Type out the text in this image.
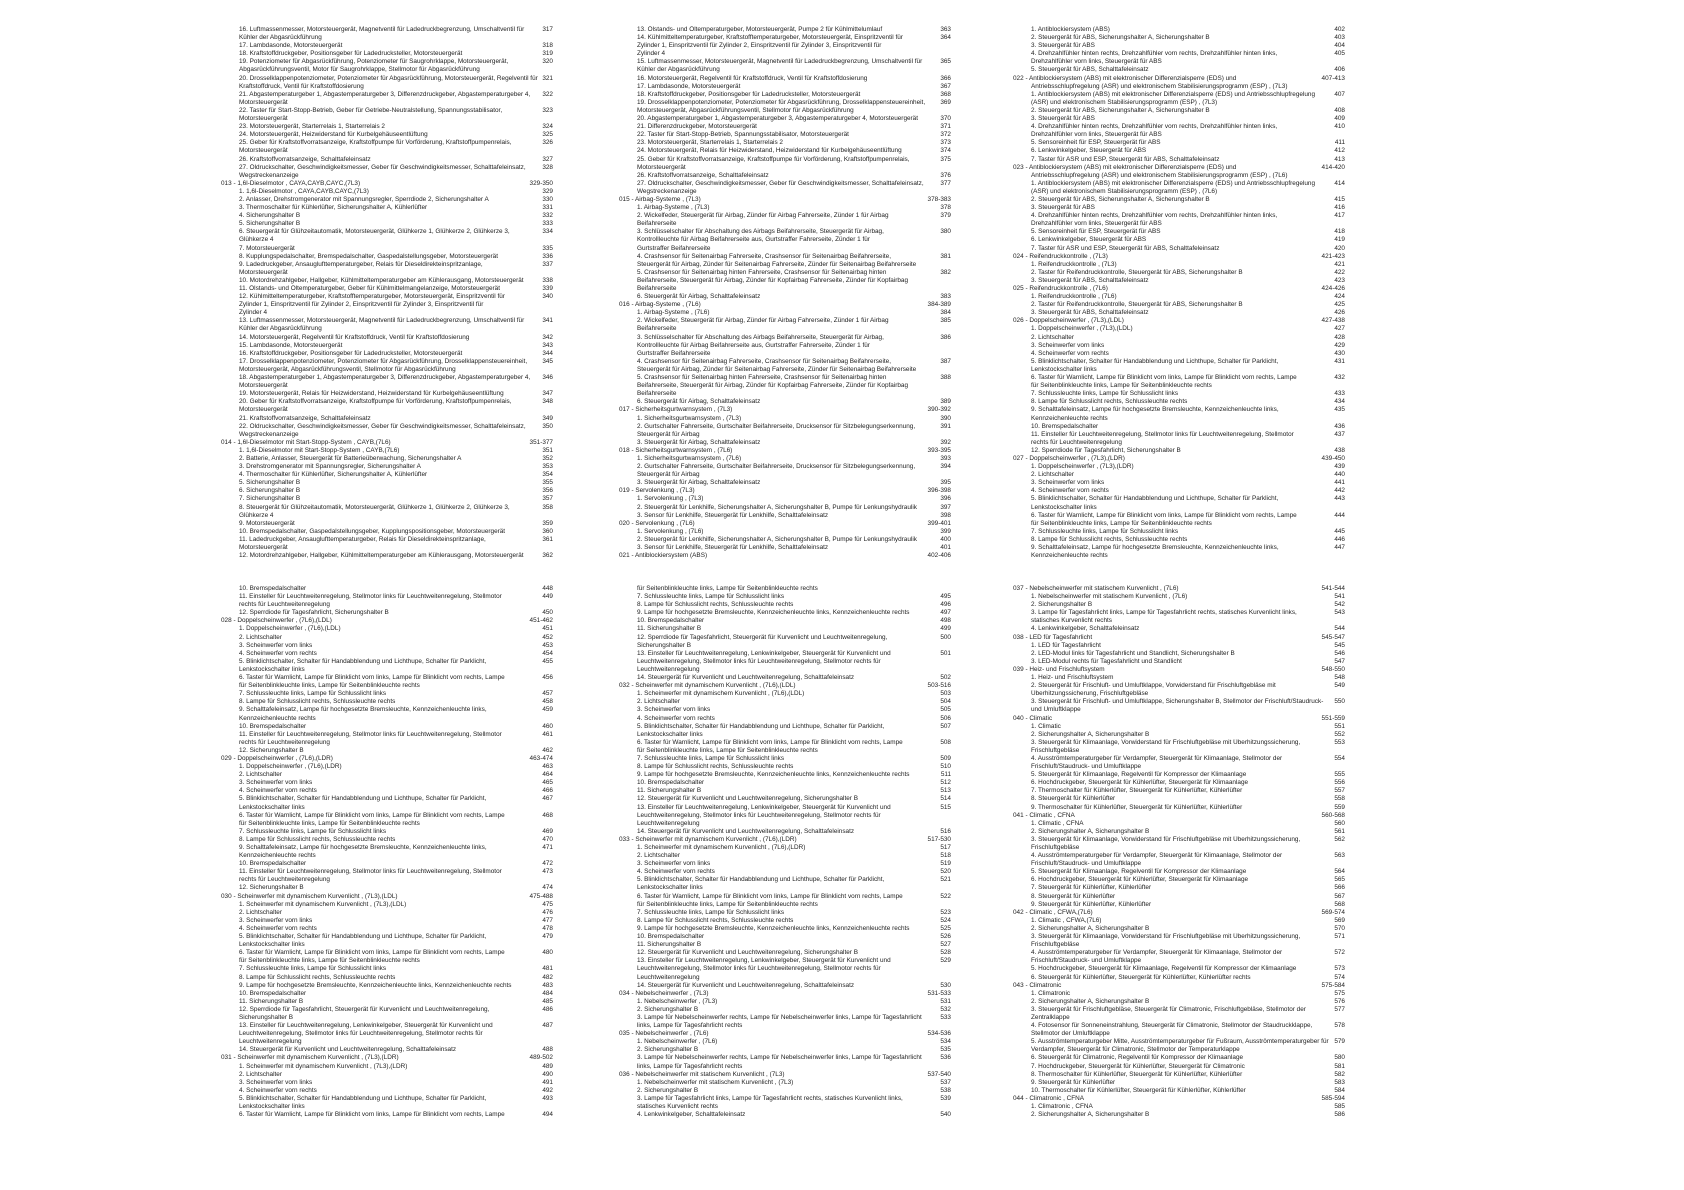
16. Luftmassenmesser, Motorsteuergerät, Magnetventil für Ladedruckbegrenzung, Umschaltventil für	317
Kühler der Abgasrückführung
17. Lambdasonde, Motorsteuergerät	318
18. Kraftstoffdruckgeber, Positionsgeber für Ladedrucksteller, Motorsteuergerät	319
19. Potenziometer für Abgasrückführung, Potenziometer für Saugrohrklappe, Motorsteuergerät,	320
Abgasrückführungsventil, Motor für Saugrohrklappe, Stellmotor für Abgasrückführung
20. Drosselklappenpotenziometer, Potenziometer für Abgasrückführung, Motorsteuergerät, Regelventil für 321
Kraftstoffdruck, Ventil für Kraftstoffdosierung
21. Abgastemperaturgeber 1, Abgastemperaturgeber 3, Differenzdruckgeber, Abgastemperaturgeber 4,	322
Motorsteuergerät
22. Taster für Start-Stopp-Betrieb, Geber für Getriebe-Neutralstellung, Spannungsstabilisator,	323
Motorsteuergerät
23. Motorsteuergerät, Starterrelais 1, Starterrelais 2	324
24. Motorsteuergerät, Heizwiderstand für Kurbelgehäuseentlüftung	325
25. Geber für Kraftstoffvorratsanzeige, Kraftstoffpumpe für Vorförderung, Kraftstoffpumpenrelais,	326
Motorsteuergerät
26. Kraftstoffvorratsanzeige, Schalttafeleinsatz	327
27. Öldruckschalter, Geschwindigkeitsmesser, Geber für Geschwindigkeitsmesser, Schalttafeleinsatz,	328
Wegstreckenanzeige
013 - 1,6l-Dieselmotor , CAYA,CAYB,CAYC,(7L3)	329-350
1. 1,6l-Dieselmotor , CAYA,CAYB,CAYC,(7L3)	329
2. Anlasser, Drehstromgenerator mit Spannungsregler, Sperrdiode 2, Sicherungshalter A	330
3. Thermoschalter für Kühlerlüfter, Sicherungshalter A, Kühlerlüfter	331
4. Sicherungshalter B	332
5. Sicherungshalter B	333
6. Steuergerät für Glühzeitautomatik, Motorsteuergerät, Glühkerze 1, Glühkerze 2, Glühkerze 3,	334
Glühkerze 4
7. Motorsteuergerät	335
8. Kupplungspedalschalter, Bremspedalschalter, Gaspedalstellungsgeber, Motorsteuergerät	336
9. Ladedruckgeber, Ansauglufttemperaturgeber, Relais für Dieseldirekteinspritzanlage,	337
Motorsteuergerät
10. Motordrehzahlgeber, Hallgeber, Kühlmitteltemperaturgeber am Kühlerausgang, Motorsteuergerät	338
11. Ölstands- und Öltemperaturgeber, Geber für Kühlmittelmangelanzeige, Motorsteuergerät	339
12. Kühlmitteltemperaturgeber, Kraftstofftemperaturgeber, Motorsteuergerät, Einspritzventil für	340
Zylinder 1, Einspritzventil für Zylinder 2, Einspritzventil für Zylinder 3, Einspritzventil für
Zylinder 4
13. Luftmassenmesser, Motorsteuergerät, Magnetventil für Ladedruckbegrenzung, Umschaltventil für	341
Kühler der Abgasrückführung
14. Motorsteuergerät, Regelventil für Kraftstoffdruck, Ventil für Kraftstoffdosierung	342
15. Lambdasonde, Motorsteuergerät	343
16. Kraftstoffdruckgeber, Positionsgeber für Ladedrucksteller, Motorsteuergerät	344
17. Drosselklappenpotenziometer, Potenziometer für Abgasrückführung, Drosselklappensteuereinheit,	345
Motorsteuergerät, Abgasrückführungsventil, Stellmotor für Abgasrückführung
18. Abgastemperaturgeber 1, Abgastemperaturgeber 3, Differenzdruckgeber, Abgastemperaturgeber 4,	346
Motorsteuergerät
19. Motorsteuergerät, Relais für Heizwiderstand, Heizwiderstand für Kurbelgehäuseentlüftung	347
20. Geber für Kraftstoffvorratsanzeige, Kraftstoffpumpe für Vorförderung, Kraftstoffpumpenrelais,	348
Motorsteuergerät
21. Kraftstoffvorratsanzeige, Schalttafeleinsatz	349
22. Öldruckschalter, Geschwindigkeitsmesser, Geber für Geschwindigkeitsmesser, Schalttafeleinsatz,	350
Wegstreckenanzeige
014 - 1,6l-Dieselmotor mit Start-Stopp-System , CAYB,(7L6)	351-377
1. 1,6l-Dieselmotor mit Start-Stopp-System , CAYB,(7L6)	351
2. Batterie, Anlasser, Steuergerät für Batterieüberwachung, Sicherungshalter A	352
3. Drehstromgenerator mit Spannungsregler, Sicherungshalter A	353
4. Thermoschalter für Kühlerlüfter, Sicherungshalter A, Kühlerlüfter	354
5. Sicherungshalter B	355
6. Sicherungshalter B	356
7. Sicherungshalter B	357
8. Steuergerät für Glühzeitautomatik, Motorsteuergerät, Glühkerze 1, Glühkerze 2, Glühkerze 3,	358
Glühkerze 4
9. Motorsteuergerät	359
10. Bremspedalschalter, Gaspedalstellungsgeber, Kupplungspositionsgeber, Motorsteuergerät	360
11. Ladedruckgeber, Ansauglufttemperaturgeber, Relais für Dieseldirekteinspritzanlage,	361
Motorsteuergerät
12. Motordrehzahlgeber, Hallgeber, Kühlmitteltemperaturgeber am Kühlerausgang, Motorsteuergerät	362
13. Ölstands- und Öltemperaturgeber, Motorsteuergerät, Pumpe 2 für Kühlmittelumlauf	363
14. Kühlmitteltemperaturgeber, Kraftstofftemperaturgeber, Motorsteuergerät, Einspritzventil für	364
Zylinder 1, Einspritzventil für Zylinder 2, Einspritzventil für Zylinder 3, Einspritzventil für
Zylinder 4
15. Luftmassenmesser, Motorsteuergerät, Magnetventil für Ladedruckbegrenzung, Umschaltventil für	365
Kühler der Abgasrückführung
16. Motorsteuergerät, Regelventil für Kraftstoffdruck, Ventil für Kraftstoffdosierung	366
17. Lambdasonde, Motorsteuergerät	367
18. Kraftstoffdruckgeber, Positionsgeber für Ladedrucksteller, Motorsteuergerät	368
19. Drosselklappenpotenziometer, Potenziometer für Abgasrückführung, Drosselklappensteuereinheit,	369
Motorsteuergerät, Abgasrückführungsventil, Stellmotor für Abgasrückführung
20. Abgastemperaturgeber 1, Abgastemperaturgeber 3, Abgastemperaturgeber 4, Motorsteuergerät	370
21. Differenzdruckgeber, Motorsteuergerät	371
22. Taster für Start-Stopp-Betrieb, Spannungsstabilisator, Motorsteuergerät	372
23. Motorsteuergerät, Starterrelais 1, Starterrelais 2	373
24. Motorsteuergerät, Relais für Heizwiderstand, Heizwiderstand für Kurbelgehäuseentlüftung	374
25. Geber für Kraftstoffvorratsanzeige, Kraftstoffpumpe für Vorförderung, Kraftstoffpumpenrelais,	375
Motorsteuergerät
26. Kraftstoffvorratsanzeige, Schalttafeleinsatz	376
27. Öldruckschalter, Geschwindigkeitsmesser, Geber für Geschwindigkeitsmesser, Schalttafeleinsatz,	377
Wegstreckenanzeige
015 - Airbag-Systeme , (7L3)	378-383
1. Airbag-Systeme , (7L3)	378
2. Wickelfeder, Steuergerät für Airbag, Zünder für Airbag Fahrerseite, Zünder 1 für Airbag	379
Beifahrerseite
3. Schlüsselschalter für Abschaltung des Airbags Beifahrerseite, Steuergerät für Airbag,	380
Kontrollleuchte für Airbag Beifahrerseite aus, Gurtstraffer Fahrerseite, Zünder 1 für
Gurtstraffer Beifahrerseite
4. Crashsensor für Seitenairbag Fahrerseite, Crashsensor für Seitenairbag Beifahrerseite,	381
Steuergerät für Airbag, Zünder für Seitenairbag Fahrerseite, Zünder für Seitenairbag Beifahrerseite
5. Crashsensor für Seitenairbag hinten Fahrerseite, Crashsensor für Seitenairbag hinten	382
Beifahrerseite, Steuergerät für Airbag, Zünder für Kopfairbag Fahrerseite, Zünder für Kopfairbag
Beifahrerseite
6. Steuergerät für Airbag, Schalttafeleinsatz	383
016 - Airbag-Systeme , (7L6)	384-389
1. Airbag-Systeme , (7L6)	384
2. Wickelfeder, Steuergerät für Airbag, Zünder für Airbag Fahrerseite, Zünder 1 für Airbag	385
Beifahrerseite
3. Schlüsselschalter für Abschaltung des Airbags Beifahrerseite, Steuergerät für Airbag,	386
Kontrollleuchte für Airbag Beifahrerseite aus, Gurtstraffer Fahrerseite, Zünder 1 für
Gurtstraffer Beifahrerseite
4. Crashsensor für Seitenairbag Fahrerseite, Crashsensor für Seitenairbag Beifahrerseite,	387
Steuergerät für Airbag, Zünder für Seitenairbag Fahrerseite, Zünder für Seitenairbag Beifahrerseite
5. Crashsensor für Seitenairbag hinten Fahrerseite, Crashsensor für Seitenairbag hinten	388
Beifahrerseite, Steuergerät für Airbag, Zünder für Kopfairbag Fahrerseite, Zünder für Kopfairbag
Beifahrerseite
6. Steuergerät für Airbag, Schalttafeleinsatz	389
017 - Sicherheitsgurtwarnsystem , (7L3)	390-392
1. Sicherheitsgurtwarnsystem , (7L3)	390
2. Gurtschalter Fahrerseite, Gurtschalter Beifahrerseite, Drucksensor für Sitzbelegungserkennung,	391
Steuergerät für Airbag
3. Steuergerät für Airbag, Schalttafeleinsatz	392
018 - Sicherheitsgurtwarnsystem , (7L6)	393-395
1. Sicherheitsgurtwarnsystem , (7L6)	393
2. Gurtschalter Fahrerseite, Gurtschalter Beifahrerseite, Drucksensor für Sitzbelegungserkennung,	394
Steuergerät für Airbag
3. Steuergerät für Airbag, Schalttafeleinsatz	395
019 - Servolenkung , (7L3)	396-398
1. Servolenkung , (7L3)	396
2. Steuergerät für Lenkhilfe, Sicherungshalter A, Sicherungshalter B, Pumpe für Lenkungshydraulik	397
3. Sensor für Lenkhilfe, Steuergerät für Lenkhilfe, Schalttafeleinsatz	398
020 - Servolenkung , (7L6)	399-401
1. Servolenkung , (7L6)	399
2. Steuergerät für Lenkhilfe, Sicherungshalter A, Sicherungshalter B, Pumpe für Lenkungshydraulik	400
3. Sensor für Lenkhilfe, Steuergerät für Lenkhilfe, Schalttafeleinsatz	401
021 - Antiblockiersystem (ABS)	402-406
1. Antiblockiersystem (ABS)	402
2. Steuergerät für ABS, Sicherungshalter A, Sicherungshalter B	403
3. Steuergerät für ABS	404
4. Drehzahlfühler hinten rechts, Drehzahlfühler vorn rechts, Drehzahlfühler hinten links,	405
Drehzahlfühler vorn links, Steuergerät für ABS
5. Steuergerät für ABS, Schalttafeleinsatz	406
022 - Antiblockiersystem (ABS) mit elektronischer Differenzialsperre (EDS) und	407-413
Antriebsschlupfregelung (ASR) und elektronischem Stabilisierungsprogramm (ESP) , (7L3)
1. Antiblockiersystem (ABS) mit elektronischer Differenzialsperre (EDS) und Antriebsschlupfregelung	407
(ASR) und elektronischem Stabilisierungsprogramm (ESP) , (7L3)
2. Steuergerät für ABS, Sicherungshalter A, Sicherungshalter B	408
3. Steuergerät für ABS	409
4. Drehzahlfühler hinten rechts, Drehzahlfühler vorn rechts, Drehzahlfühler hinten links,	410
Drehzahlfühler vorn links, Steuergerät für ABS
5. Sensoreinheit für ESP, Steuergerät für ABS	411
6. Lenkwinkelgeber, Steuergerät für ABS	412
7. Taster für ASR und ESP, Steuergerät für ABS, Schalttafeleinsatz	413
023 - Antiblockiersystem (ABS) mit elektronischer Differenzialsperre (EDS) und	414-420
Antriebsschlupfregelung (ASR) und elektronischem Stabilisierungsprogramm (ESP) , (7L6)
1. Antiblockiersystem (ABS) mit elektronischer Differenzialsperre (EDS) und Antriebsschlupfregelung	414
(ASR) und elektronischem Stabilisierungsprogramm (ESP) , (7L6)
2. Steuergerät für ABS, Sicherungshalter A, Sicherungshalter B	415
3. Steuergerät für ABS	416
4. Drehzahlfühler hinten rechts, Drehzahlfühler vorn rechts, Drehzahlfühler hinten links,	417
Drehzahlfühler vorn links, Steuergerät für ABS
5. Sensoreinheit für ESP, Steuergerät für ABS	418
6. Lenkwinkelgeber, Steuergerät für ABS	419
7. Taster für ASR und ESP, Steuergerät für ABS, Schalttafeleinsatz	420
024 - Reifendruckkontrolle , (7L3)	421-423
1. Reifendruckkontrolle , (7L3)	421
2. Taster für Reifendruckkontrolle, Steuergerät für ABS, Sicherungshalter B	422
3. Steuergerät für ABS, Schalttafeleinsatz	423
025 - Reifendruckkontrolle , (7L6)	424-426
1. Reifendruckkontrolle , (7L6)	424
2. Taster für Reifendruckkontrolle, Steuergerät für ABS, Sicherungshalter B	425
3. Steuergerät für ABS, Schalttafeleinsatz	426
026 - Doppelscheinwerfer , (7L3),(LDL)	427-438
1. Doppelscheinwerfer , (7L3),(LDL)	427
2. Lichtschalter	428
3. Scheinwerfer vorn links	429
4. Scheinwerfer vorn rechts	430
5. Blinklichtschalter, Schalter für Handabblendung und Lichthupe, Schalter für Parklicht,	431
Lenkstockschalter links
6. Taster für Warnlicht, Lampe für Blinklicht vorn links, Lampe für Blinklicht vorn rechts, Lampe	432
für Seitenblinkleuchte links, Lampe für Seitenblinkleuchte rechts
7. Schlussleuchte links, Lampe für Schlusslicht links	433
8. Lampe für Schlusslicht rechts, Schlussleuchte rechts	434
9. Schalttafeleinsatz, Lampe für hochgesetzte Bremsleuchte, Kennzeichenleuchte links,	435
Kennzeichenleuchte rechts
10. Bremspedalschalter	436
11. Einsteller für Leuchtweitenregelung, Stellmotor links für Leuchtweitenregelung, Stellmotor	437
rechts für Leuchtweitenregelung
12. Sperrdiode für Tagesfahrlicht, Sicherungshalter B	438
027 - Doppelscheinwerfer , (7L3),(LDR)	439-450
1. Doppelscheinwerfer , (7L3),(LDR)	439
2. Lichtschalter	440
3. Scheinwerfer vorn links	441
4. Scheinwerfer vorn rechts	442
5. Blinklichtschalter, Schalter für Handabblendung und Lichthupe, Schalter für Parklicht,	443
Lenkstockschalter links
6. Taster für Warnlicht, Lampe für Blinklicht vorn links, Lampe für Blinklicht vorn rechts, Lampe	444
für Seitenblinkleuchte links, Lampe für Seitenblinkleuchte rechts
7. Schlussleuchte links, Lampe für Schlusslicht links	445
8. Lampe für Schlusslicht rechts, Schlussleuchte rechts	446
9. Schalttafeleinsatz, Lampe für hochgesetzte Bremsleuchte, Kennzeichenleuchte links,	447
Kennzeichenleuchte rechts
10. Bremspedalschalter	448
11. Einsteller für Leuchtweitenregelung, Stellmotor links für Leuchtweitenregelung, Stellmotor	449
rechts für Leuchtweitenregelung
12. Sperrdiode für Tagesfahrlicht, Sicherungshalter B	450
028 - Doppelscheinwerfer , (7L6),(LDL)	451-462
1. Doppelscheinwerfer , (7L6),(LDL)	451
2. Lichtschalter	452
3. Scheinwerfer vorn links	453
4. Scheinwerfer vorn rechts	454
5. Blinklichtschalter, Schalter für Handabblendung und Lichthupe, Schalter für Parklicht,	455
Lenkstockschalter links
6. Taster für Warnlicht, Lampe für Blinklicht vorn links, Lampe für Blinklicht vorn rechts, Lampe	456
für Seitenblinkleuchte links, Lampe für Seitenblinkleuchte rechts
7. Schlussleuchte links, Lampe für Schlusslicht links	457
8. Lampe für Schlusslicht rechts, Schlussleuchte rechts	458
9. Schalttafeleinsatz, Lampe für hochgesetzte Bremsleuchte, Kennzeichenleuchte links,	459
Kennzeichenleuchte rechts
10. Bremspedalschalter	460
11. Einsteller für Leuchtweitenregelung, Stellmotor links für Leuchtweitenregelung, Stellmotor	461
rechts für Leuchtweitenregelung
12. Sicherungshalter B	462
029 - Doppelscheinwerfer , (7L6),(LDR)	463-474
1. Doppelscheinwerfer , (7L6),(LDR)	463
2. Lichtschalter	464
3. Scheinwerfer vorn links	465
4. Scheinwerfer vorn rechts	466
5. Blinklichtschalter, Schalter für Handabblendung und Lichthupe, Schalter für Parklicht,	467
Lenkstockschalter links
6. Taster für Warnlicht, Lampe für Blinklicht vorn links, Lampe für Blinklicht vorn rechts, Lampe	468
für Seitenblinkleuchte links, Lampe für Seitenblinkleuchte rechts
7. Schlussleuchte links, Lampe für Schlusslicht links	469
8. Lampe für Schlusslicht rechts, Schlussleuchte rechts	470
9. Schalttafeleinsatz, Lampe für hochgesetzte Bremsleuchte, Kennzeichenleuchte links,	471
Kennzeichenleuchte rechts
10. Bremspedalschalter	472
11. Einsteller für Leuchtweitenregelung, Stellmotor links für Leuchtweitenregelung, Stellmotor	473
rechts für Leuchtweitenregelung
12. Sicherungshalter B	474
030 - Scheinwerfer mit dynamischem Kurvenlicht , (7L3),(LDL)	475-488
1. Scheinwerfer mit dynamischem Kurvenlicht , (7L3),(LDL)	475
2. Lichtschalter	476
3. Scheinwerfer vorn links	477
4. Scheinwerfer vorn rechts	478
5. Blinklichtschalter, Schalter für Handabblendung und Lichthupe, Schalter für Parklicht,	479
Lenkstockschalter links
6. Taster für Warnlicht, Lampe für Blinklicht vorn links, Lampe für Blinklicht vorn rechts, Lampe	480
für Seitenblinkleuchte links, Lampe für Seitenblinkleuchte rechts
7. Schlussleuchte links, Lampe für Schlusslicht links	481
8. Lampe für Schlusslicht rechts, Schlussleuchte rechts	482
9. Lampe für hochgesetzte Bremsleuchte, Kennzeichenleuchte links, Kennzeichenleuchte rechts	483
10. Bremspedalschalter	484
11. Sicherungshalter B	485
12. Sperrdiode für Tagesfahrlicht, Steuergerät für Kurvenlicht und Leuchtweitenregelung,	486
Sicherungshalter B
13. Einsteller für Leuchtweitenregelung, Lenkwinkelgeber, Steuergerät für Kurvenlicht und	487
Leuchtweitenregelung, Stellmotor links für Leuchtweitenregelung, Stellmotor rechts für
Leuchtweitenregelung
14. Steuergerät für Kurvenlicht und Leuchtweitenregelung, Schalttafeleinsatz	488
031 - Scheinwerfer mit dynamischem Kurvenlicht , (7L3),(LDR)	489-502
1. Scheinwerfer mit dynamischem Kurvenlicht , (7L3),(LDR)	489
2. Lichtschalter	490
3. Scheinwerfer vorn links	491
4. Scheinwerfer vorn rechts	492
5. Blinklichtschalter, Schalter für Handabblendung und Lichthupe, Schalter für Parklicht,	493
Lenkstockschalter links
6. Taster für Warnlicht, Lampe für Blinklicht vorn links, Lampe für Blinklicht vorn rechts, Lampe	494
für Seitenblinkleuchte links, Lampe für Seitenblinkleuchte rechts
7. Schlussleuchte links, Lampe für Schlusslicht links	495
8. Lampe für Schlusslicht rechts, Schlussleuchte rechts	496
9. Lampe für hochgesetzte Bremsleuchte, Kennzeichenleuchte links, Kennzeichenleuchte rechts	497
10. Bremspedalschalter	498
11. Sicherungshalter B	499
12. Sperrdiode für Tagesfahrlicht, Steuergerät für Kurvenlicht und Leuchtweitenregelung,	500
Sicherungshalter B
13. Einsteller für Leuchtweitenregelung, Lenkwinkelgeber, Steuergerät für Kurvenlicht und	501
Leuchtweitenregelung, Stellmotor links für Leuchtweitenregelung, Stellmotor rechts für
Leuchtweitenregelung
14. Steuergerät für Kurvenlicht und Leuchtweitenregelung, Schalttafeleinsatz	502
032 - Scheinwerfer mit dynamischem Kurvenlicht , (7L6),(LDL)	503-516
1. Scheinwerfer mit dynamischem Kurvenlicht , (7L6),(LDL)	503
2. Lichtschalter	504
3. Scheinwerfer vorn links	505
4. Scheinwerfer vorn rechts	506
5. Blinklichtschalter, Schalter für Handabblendung und Lichthupe, Schalter für Parklicht,	507
Lenkstockschalter links
6. Taster für Warnlicht, Lampe für Blinklicht vorn links, Lampe für Blinklicht vorn rechts, Lampe	508
für Seitenblinkleuchte links, Lampe für Seitenblinkleuchte rechts
7. Schlussleuchte links, Lampe für Schlusslicht links	509
8. Lampe für Schlusslicht rechts, Schlussleuchte rechts	510
9. Lampe für hochgesetzte Bremsleuchte, Kennzeichenleuchte links, Kennzeichenleuchte rechts	511
10. Bremspedalschalter	512
11. Sicherungshalter B	513
12. Steuergerät für Kurvenlicht und Leuchtweitenregelung, Sicherungshalter B	514
13. Einsteller für Leuchtweitenregelung, Lenkwinkelgeber, Steuergerät für Kurvenlicht und	515
Leuchtweitenregelung, Stellmotor links für Leuchtweitenregelung, Stellmotor rechts für
Leuchtweitenregelung
14. Steuergerät für Kurvenlicht und Leuchtweitenregelung, Schalttafeleinsatz	516
033 - Scheinwerfer mit dynamischem Kurvenlicht , (7L6),(LDR)	517-530
1. Scheinwerfer mit dynamischem Kurvenlicht , (7L6),(LDR)	517
2. Lichtschalter	518
3. Scheinwerfer vorn links	519
4. Scheinwerfer vorn rechts	520
5. Blinklichtschalter, Schalter für Handabblendung und Lichthupe, Schalter für Parklicht,	521
Lenkstockschalter links
6. Taster für Warnlicht, Lampe für Blinklicht vorn links, Lampe für Blinklicht vorn rechts, Lampe	522
für Seitenblinkleuchte links, Lampe für Seitenblinkleuchte rechts
7. Schlussleuchte links, Lampe für Schlusslicht links	523
8. Lampe für Schlusslicht rechts, Schlussleuchte rechts	524
9. Lampe für hochgesetzte Bremsleuchte, Kennzeichenleuchte links, Kennzeichenleuchte rechts	525
10. Bremspedalschalter	526
11. Sicherungshalter B	527
12. Steuergerät für Kurvenlicht und Leuchtweitenregelung, Sicherungshalter B	528
13. Einsteller für Leuchtweitenregelung, Lenkwinkelgeber, Steuergerät für Kurvenlicht und	529
Leuchtweitenregelung, Stellmotor links für Leuchtweitenregelung, Stellmotor rechts für
Leuchtweitenregelung
14. Steuergerät für Kurvenlicht und Leuchtweitenregelung, Schalttafeleinsatz	530
034 - Nebelscheinwerfer , (7L3)	531-533
1. Nebelscheinwerfer , (7L3)	531
2. Sicherungshalter B	532
3. Lampe für Nebelscheinwerfer rechts, Lampe für Nebelscheinwerfer links, Lampe für Tagesfahrlicht	533
links, Lampe für Tagesfahrlicht rechts
035 - Nebelscheinwerfer , (7L6)	534-536
1. Nebelscheinwerfer , (7L6)	534
2. Sicherungshalter B	535
3. Lampe für Nebelscheinwerfer rechts, Lampe für Nebelscheinwerfer links, Lampe für Tagesfahrlicht	536
links, Lampe für Tagesfahrlicht rechts
036 - Nebelscheinwerfer mit statischem Kurvenlicht , (7L3)	537-540
1. Nebelscheinwerfer mit statischem Kurvenlicht , (7L3)	537
2. Sicherungshalter B	538
3. Lampe für Tagesfahrlicht links, Lampe für Tagesfahrlicht rechts, statisches Kurvenlicht links,	539
statisches Kurvenlicht rechts
4. Lenkwinkelgeber, Schalttafeleinsatz	540
037 - Nebelscheinwerfer mit statischem Kurvenlicht , (7L6)	541-544
1. Nebelscheinwerfer mit statischem Kurvenlicht , (7L6)	541
2. Sicherungshalter B	542
3. Lampe für Tagesfahrlicht links, Lampe für Tagesfahrlicht rechts, statisches Kurvenlicht links,	543
statisches Kurvenlicht rechts
4. Lenkwinkelgeber, Schalttafeleinsatz	544
038 - LED für Tagesfahrlicht	545-547
1. LED für Tagesfahrlicht	545
2. LED-Modul links für Tagesfahrlicht und Standlicht, Sicherungshalter B	546
3. LED-Modul rechts für Tagesfahrlicht und Standlicht	547
039 - Heiz- und Frischluftsystem	548-550
1. Heiz- und Frischluftsystem	548
2. Steuergerät für Frischluft- und Umluftklappe, Vorwiderstand für Frischluftgebläse mit	549
Überhitzungssicherung, Frischluftgebläse
3. Steuergerät für Frischluft- und Umluftklappe, Sicherungshalter B, Stellmotor der Frischluft/Staudruck-	550
und Umluftklappe
040 - Climatic	551-559
1. Climatic	551
2. Sicherungshalter A, Sicherungshalter B	552
3. Steuergerät für Klimaanlage, Vorwiderstand für Frischluftgebläse mit Überhitzungssicherung,	553
Frischluftgebläse
4. Ausströmtemperaturgeber für Verdampfer, Steuergerät für Klimaanlage, Stellmotor der	554
Frischluft/Staudruck- und Umluftklappe
5. Steuergerät für Klimaanlage, Regelventil für Kompressor der Klimaanlage	555
6. Hochdruckgeber, Steuergerät für Kühlerlüfter, Steuergerät für Klimaanlage	556
7. Thermoschalter für Kühlerlüfter, Steuergerät für Kühlerlüfter, Kühlerlüfter	557
8. Steuergerät für Kühlerlüfter	558
9. Thermoschalter für Kühlerlüfter, Steuergerät für Kühlerlüfter, Kühlerlüfter	559
041 - Climatic , CFNA	560-568
1. Climatic , CFNA	560
2. Sicherungshalter A, Sicherungshalter B	561
3. Steuergerät für Klimaanlage, Vorwiderstand für Frischluftgebläse mit Überhitzungssicherung,	562
Frischluftgebläse
4. Ausströmtemperaturgeber für Verdampfer, Steuergerät für Klimaanlage, Stellmotor der	563
Frischluft/Staudruck- und Umluftklappe
5. Steuergerät für Klimaanlage, Regelventil für Kompressor der Klimaanlage	564
6. Hochdruckgeber, Steuergerät für Kühlerlüfter, Steuergerät für Klimaanlage	565
7. Steuergerät für Kühlerlüfter, Kühlerlüfter	566
8. Steuergerät für Kühlerlüfter	567
9. Steuergerät für Kühlerlüfter, Kühlerlüfter	568
042 - Climatic , CFWA,(7L6)	569-574
1. Climatic , CFWA,(7L6)	569
2. Sicherungshalter A, Sicherungshalter B	570
3. Steuergerät für Klimaanlage, Vorwiderstand für Frischluftgebläse mit Überhitzungssicherung,	571
Frischluftgebläse
4. Ausströmtemperaturgeber für Verdampfer, Steuergerät für Klimaanlage, Stellmotor der	572
Frischluft/Staudruck- und Umluftklappe
5. Hochdruckgeber, Steuergerät für Klimaanlage, Regelventil für Kompressor der Klimaanlage	573
6. Steuergerät für Kühlerlüfter, Steuergerät für Kühlerlüfter, Kühlerlüfter rechts	574
043 - Climatronic	575-584
1. Climatronic	575
2. Sicherungshalter A, Sicherungshalter B	576
3. Steuergerät für Frischluftgebläse, Steuergerät für Climatronic, Frischluftgebläse, Stellmotor der	577
Zentralklappe
4. Fotosensor für Sonneneinstrahlung, Steuergerät für Climatronic, Stellmotor der Staudruckklappe,	578
Stellmotor der Umluftklappe
5. Ausströmtemperaturgeber Mitte, Ausströmtemperaturgeber für Fußraum, Ausströmtemperaturgeber für 579
Verdampfer, Steuergerät für Climatronic, Stellmotor der Temperaturklappe
6. Steuergerät für Climatronic, Regelventil für Kompressor der Klimaanlage	580
7. Hochdruckgeber, Steuergerät für Kühlerlüfter, Steuergerät für Climatronic	581
8. Thermoschalter für Kühlerlüfter, Steuergerät für Kühlerlüfter, Kühlerlüfter	582
9. Steuergerät für Kühlerlüfter	583
10. Thermoschalter für Kühlerlüfter, Steuergerät für Kühlerlüfter, Kühlerlüfter	584
044 - Climatronic , CFNA	585-594
1. Climatronic , CFNA	585
2. Sicherungshalter A, Sicherungshalter B	586
